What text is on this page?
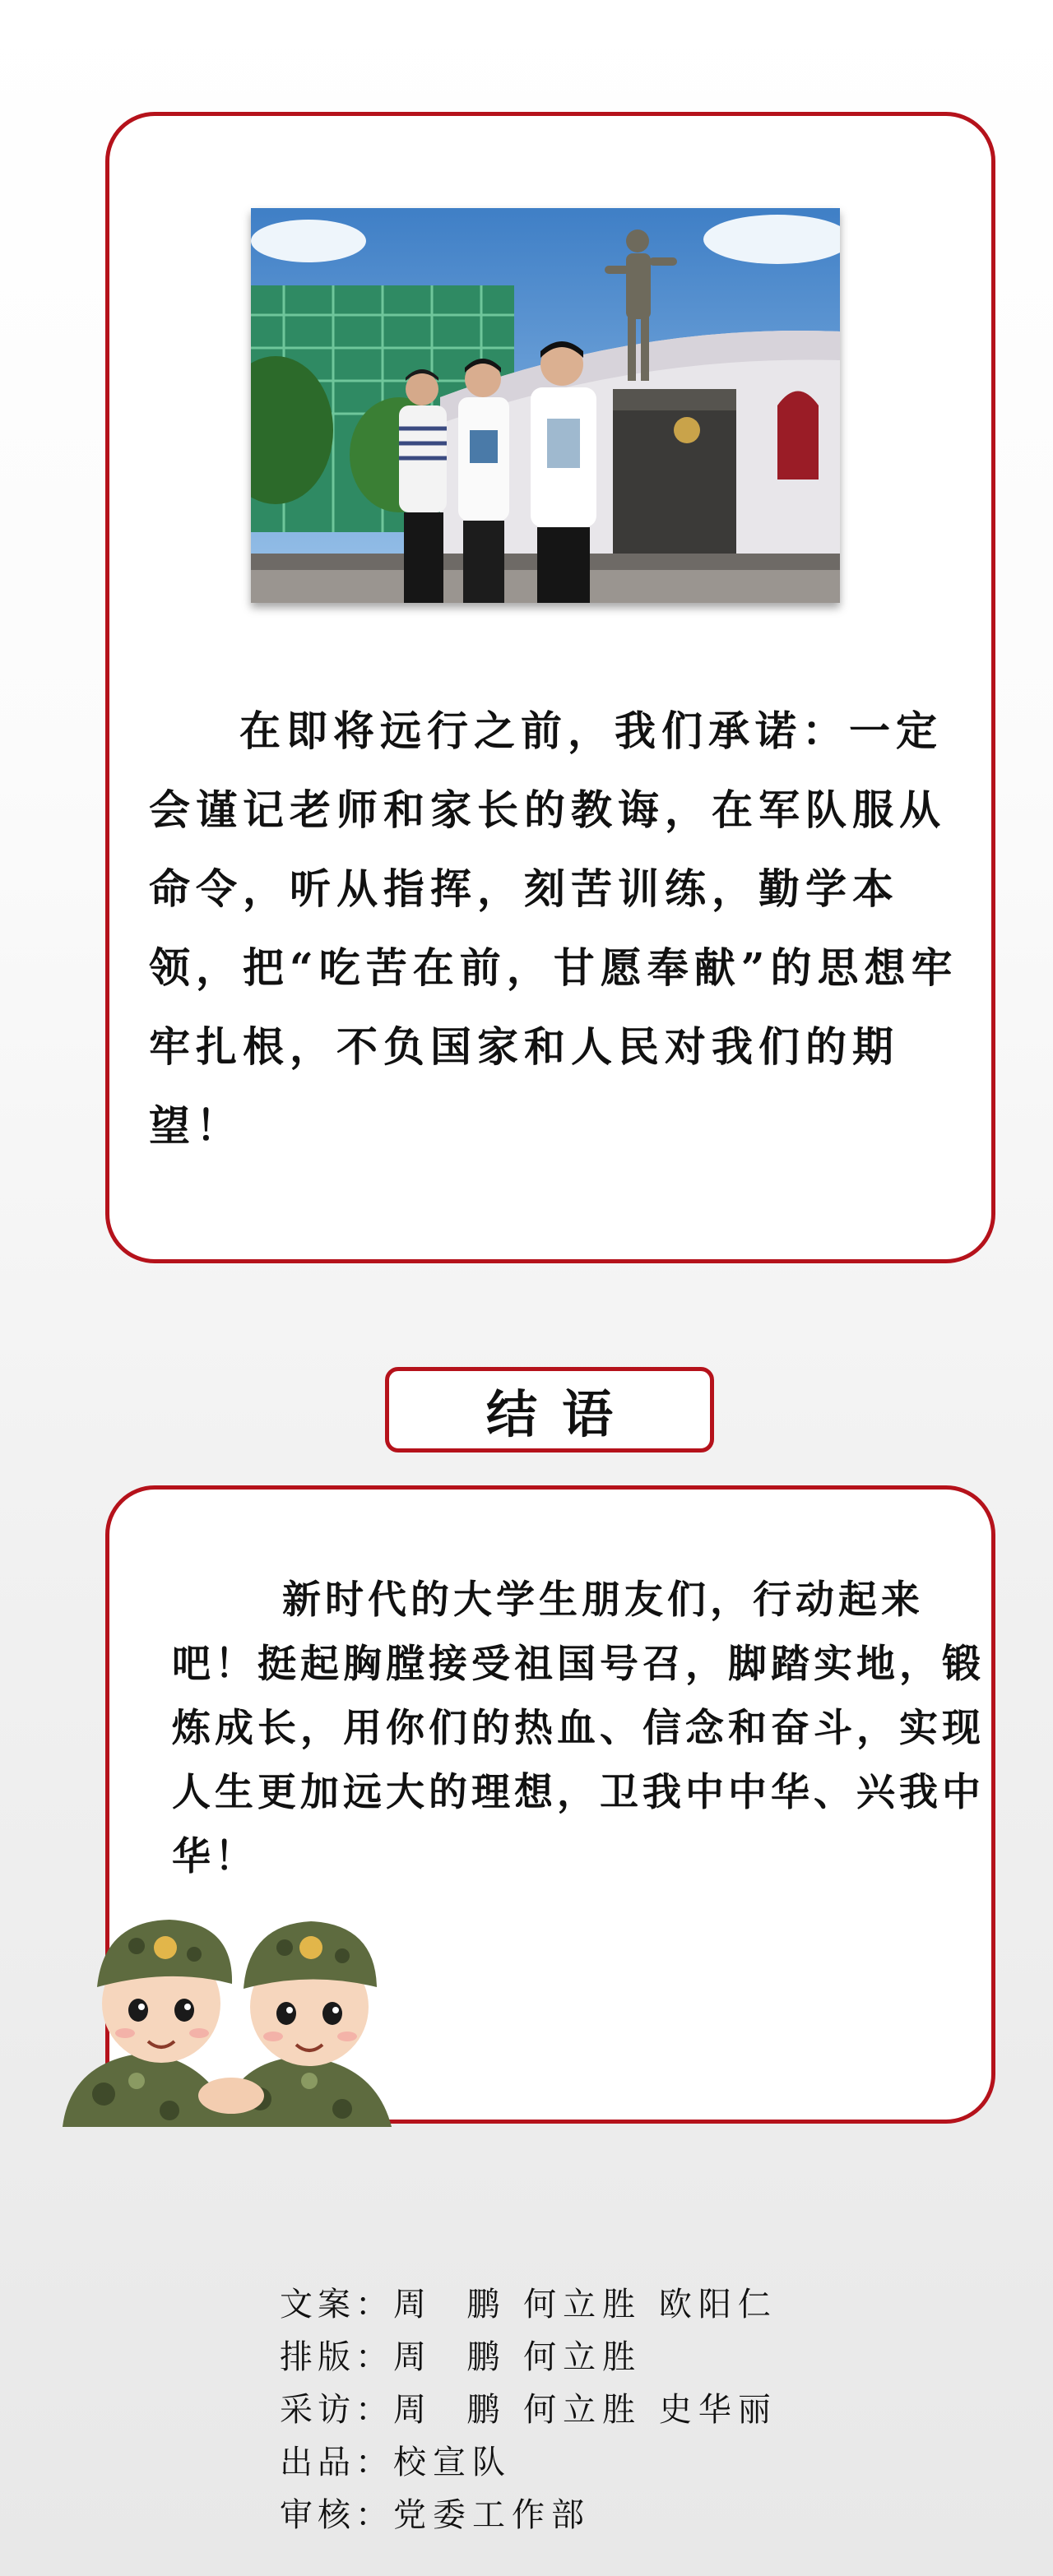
在即将远行之前，我们承诺：一定会谨记老师和家长的教诲，在军队服从命令，听从指挥，刻苦训练，勤学本领，把“吃苦在前，甘愿奉献”的思想牢牢扎根，不负国家和人民对我们的期望！

结语

新时代的大学生朋友们，行动起来吧！挺起胸膛接受祖国号召，脚踏实地，锻炼成长，用你们的热血、信念和奋斗，实现人生更加远大的理想，卫我中中华、兴我中华！

文案：周  鹏 何立胜 欧阳仁
排版：周  鹏 何立胜
采访：周  鹏 何立胜 史华丽
出品：校宣队
审核：党委工作部
